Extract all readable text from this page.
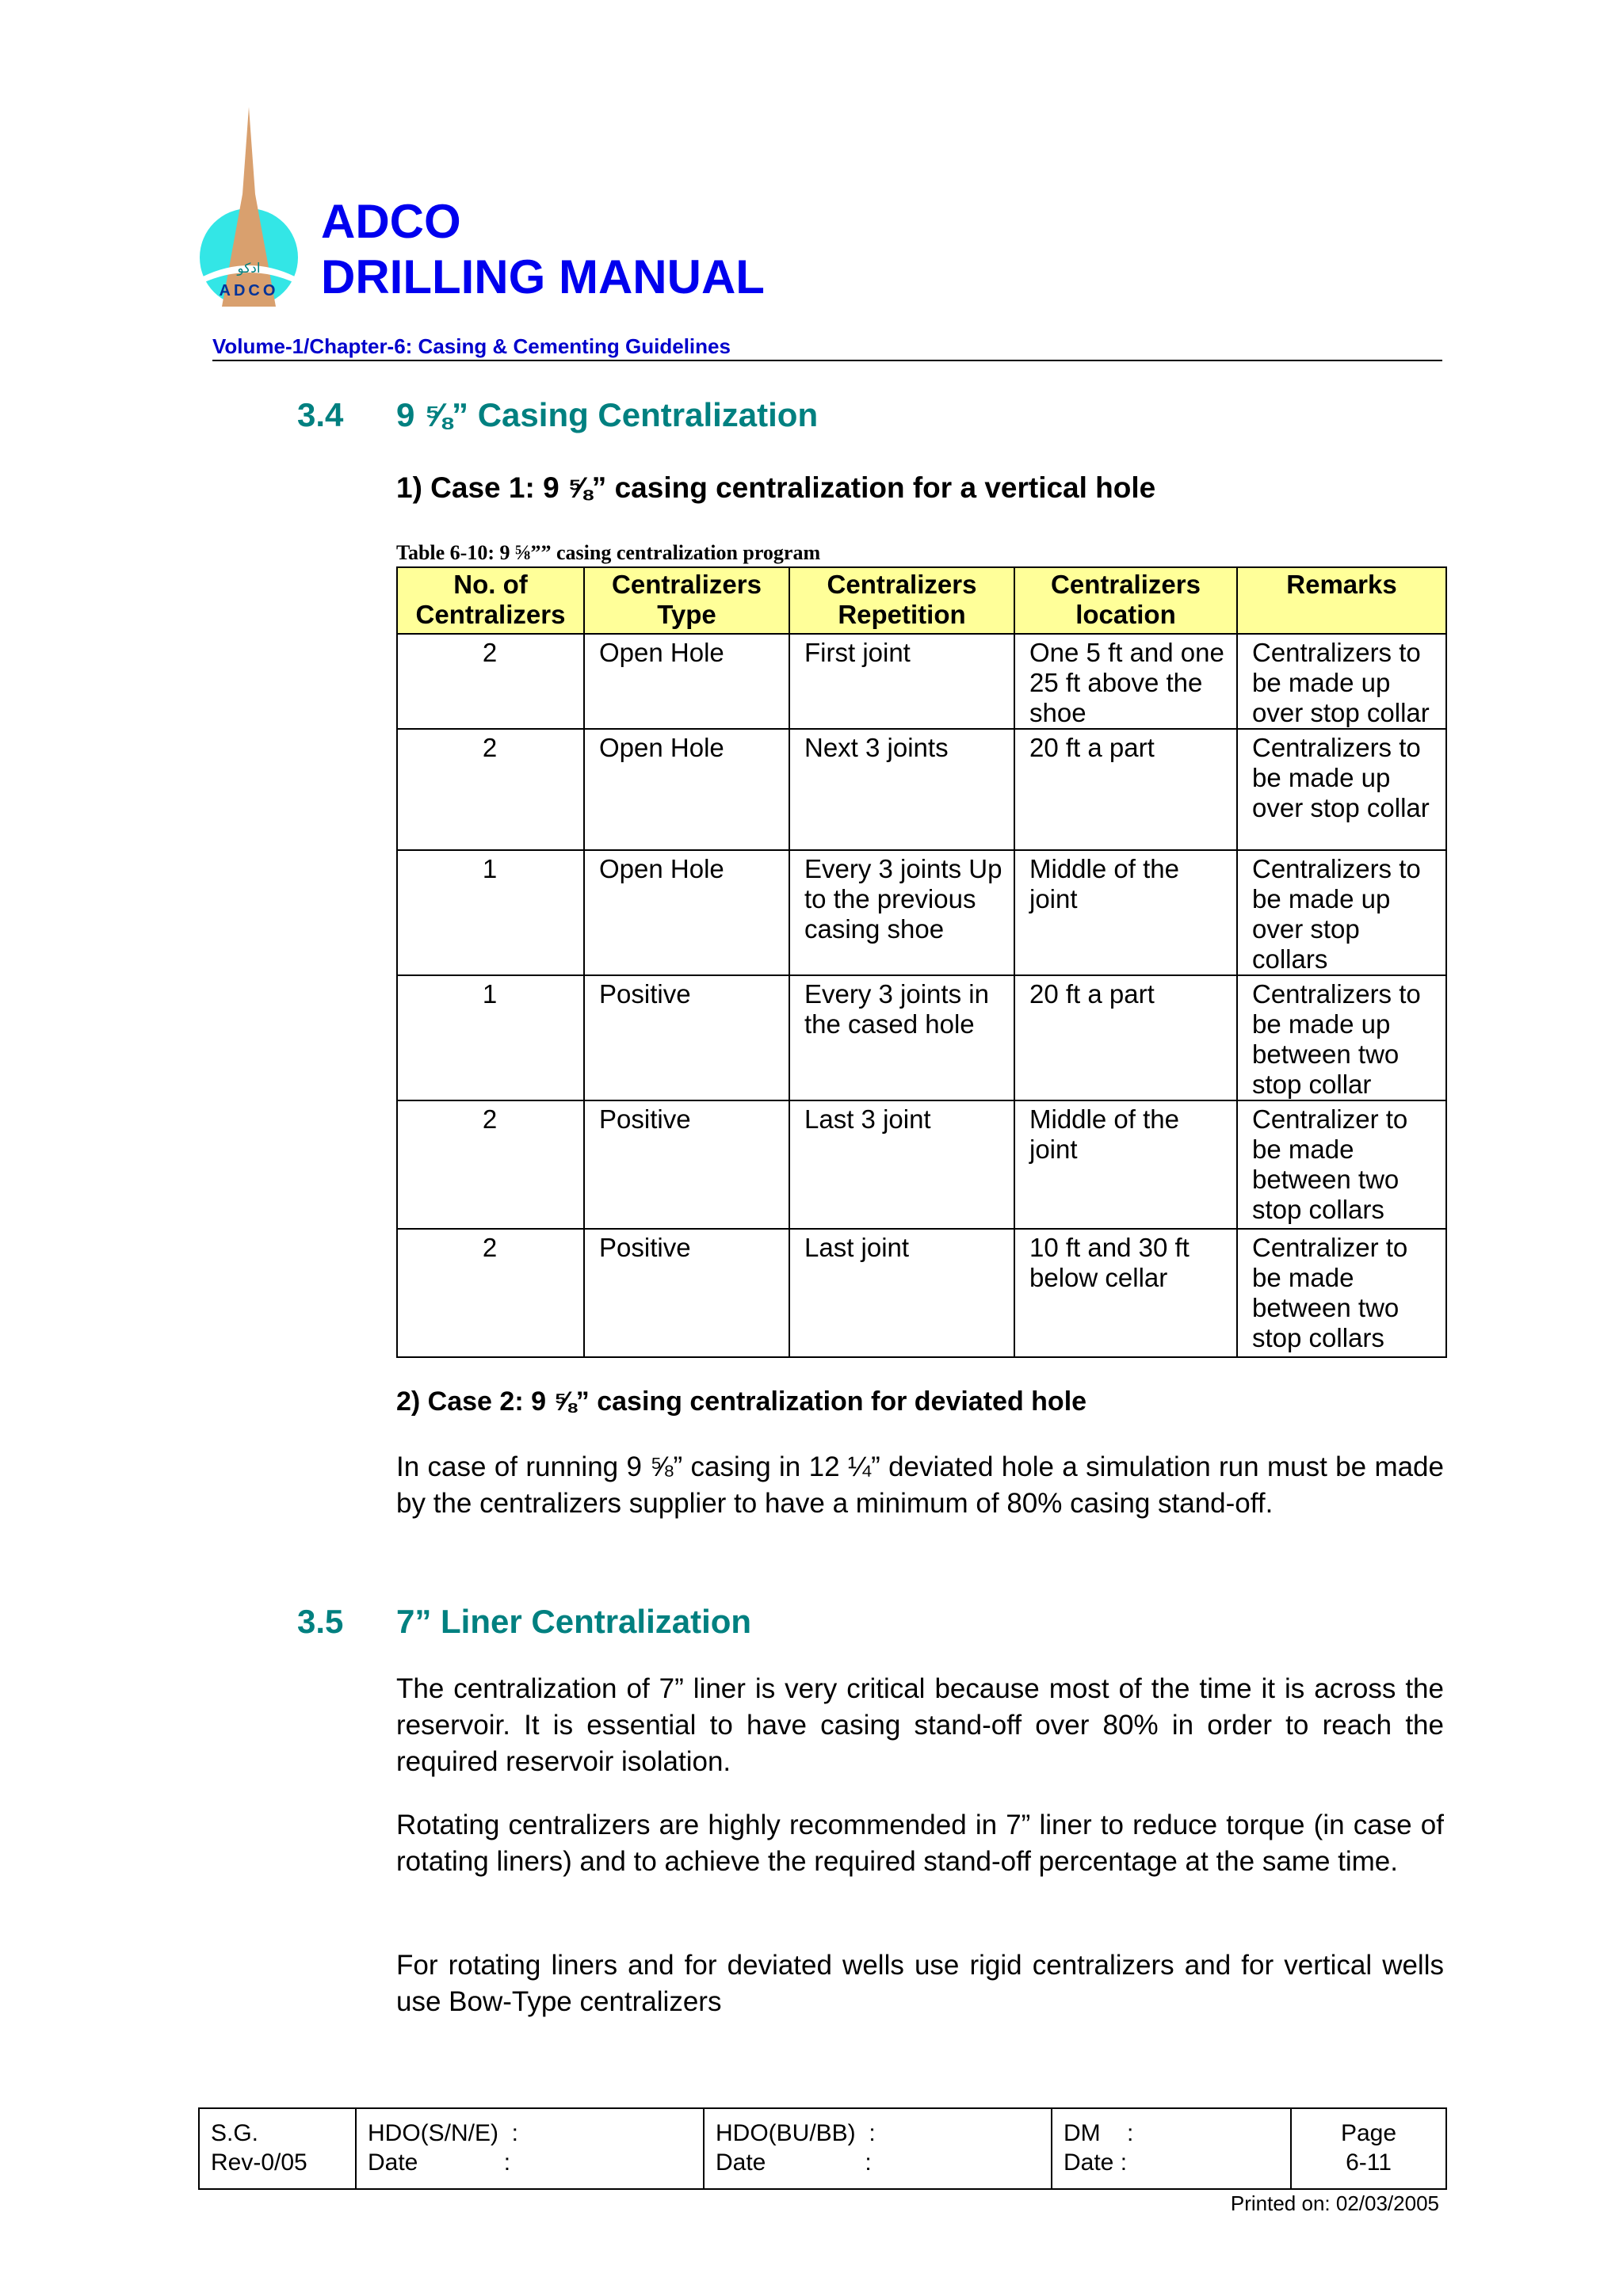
ادكو
ADCO
ADCO
DRILLING MANUAL
Volume-1/Chapter-6: Casing & Cementing Guidelines
3.4 9 ⅝” Casing Centralization
1) Case 1: 9 ⅝” casing centralization for a vertical hole
Table 6-10: 9 ⅝”” casing centralization program
No. of Centralizers	Centralizers Type	Centralizers Repetition	Centralizers location	Remarks
2	Open Hole	First joint	One 5 ft and one 25 ft above the shoe	Centralizers to be made up over stop collar
2	Open Hole	Next 3 joints	20 ft a part	Centralizers to be made up over stop collar
1	Open Hole	Every 3 joints Up to the previous casing shoe	Middle of the joint	Centralizers to be made up over stop collars
1	Positive	Every 3 joints in the cased hole	20 ft a part	Centralizers to be made up between two stop collar
2	Positive	Last 3 joint	Middle of the joint	Centralizer to be made between two stop collars
2	Positive	Last joint	10 ft and 30 ft below cellar	Centralizer to be made between two stop collars
2) Case 2: 9 ⅝” casing centralization for deviated hole
In case of running 9 ⅝” casing in 12 ¼” deviated hole a simulation run must be made by the centralizers supplier to have a minimum of 80% casing stand-off.
3.5 7” Liner Centralization
The centralization of 7” liner is very critical because most of the time it is across the reservoir. It is essential to have casing stand-off over 80% in order to reach the required reservoir isolation.
Rotating centralizers are highly recommended in 7” liner to reduce torque (in case of rotating liners) and to achieve the required stand-off percentage at the same time.
For rotating liners and for deviated wells use rigid centralizers and for vertical wells use Bow-Type centralizers
S.G.
Rev-0/05

HDO(S/N/E)  :
Date             :

HDO(BU/BB)  :
Date               :

DM    :
Date :

Page
6-11
Printed on: 02/03/2005
